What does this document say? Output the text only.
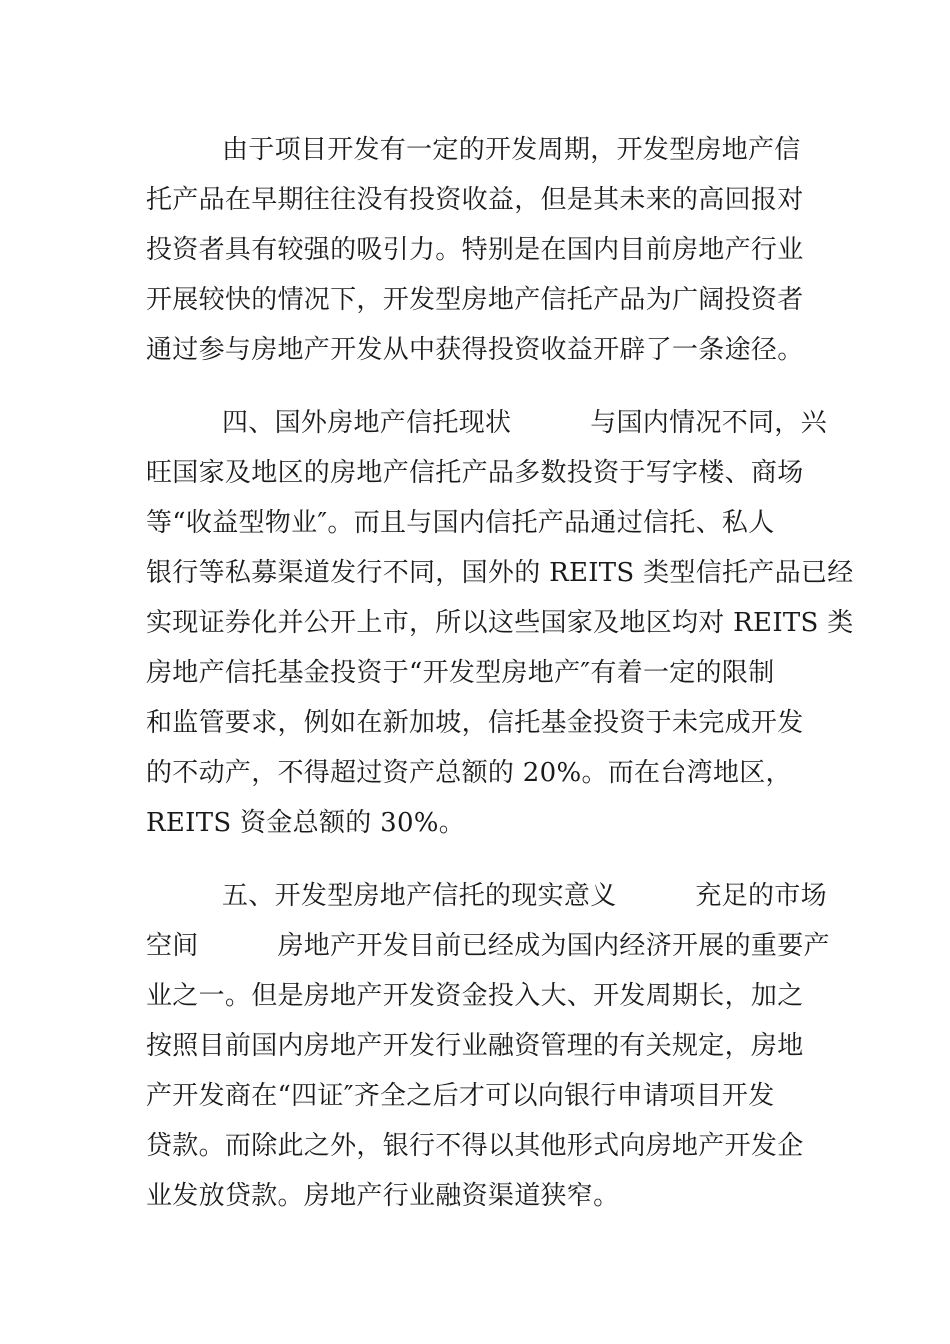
由于项目开发有一定的开发周期，开发型房地产信
托产品在早期往往没有投资收益，但是其未来的高回报对
投资者具有较强的吸引力。特别是在国内目前房地产行业
开展较快的情况下，开发型房地产信托产品为广阔投资者
通过参与房地产开发从中获得投资收益开辟了一条途径。
四、国外房地产信托现状　　　与国内情况不同，兴
旺国家及地区的房地产信托产品多数投资于写字楼、商场
等“收益型物业″。而且与国内信托产品通过信托、私人
银行等私募渠道发行不同，国外的 REITS 类型信托产品已经
实现证券化并公开上市，所以这些国家及地区均对 REITS 类
房地产信托基金投资于“开发型房地产″有着一定的限制
和监管要求，例如在新加坡，信托基金投资于未完成开发
的不动产，不得超过资产总额的 20%。而在台湾地区，
REITS 资金总额的 30%。
五、开发型房地产信托的现实意义　　　充足的市场
空间　　　房地产开发目前已经成为国内经济开展的重要产
业之一。但是房地产开发资金投入大、开发周期长，加之
按照目前国内房地产开发行业融资管理的有关规定，房地
产开发商在“四证″齐全之后才可以向银行申请项目开发
贷款。而除此之外，银行不得以其他形式向房地产开发企
业发放贷款。房地产行业融资渠道狭窄。
